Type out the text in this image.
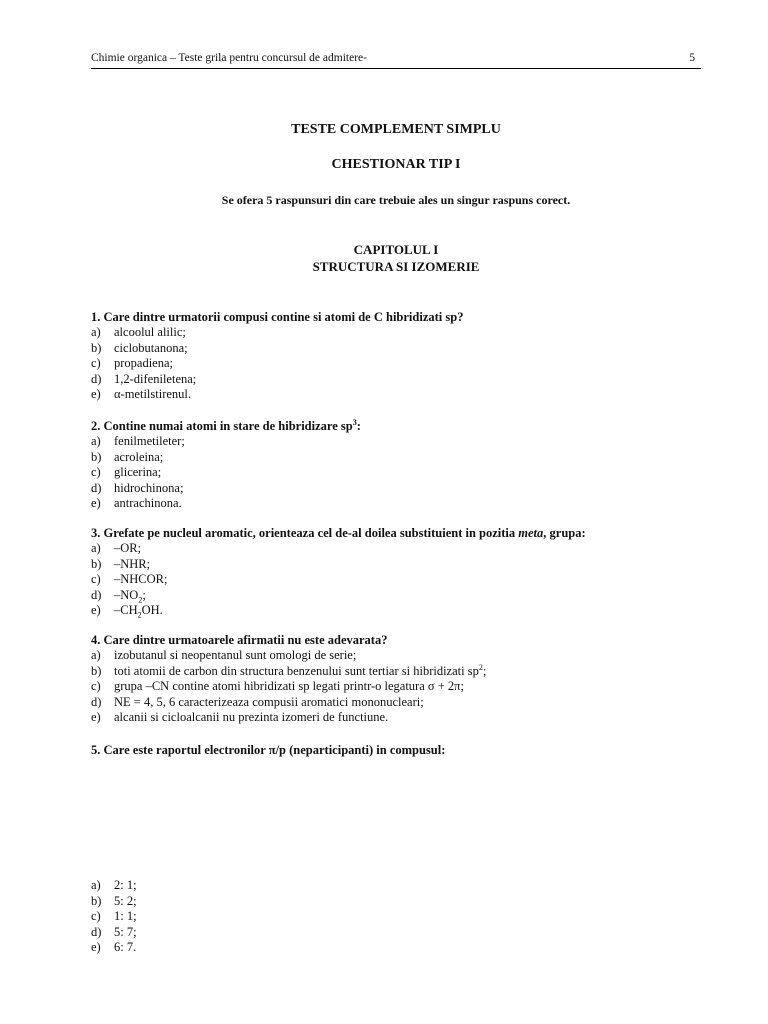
Chimie organica – Teste grila pentru concursul de admitere-	5
TESTE COMPLEMENT SIMPLU
CHESTIONAR TIP I
Se ofera 5 raspunsuri din care trebuie ales un singur raspuns corect.
CAPITOLUL I
STRUCTURA SI IZOMERIE
1. Care dintre urmatorii compusi contine si atomi de C hibridizati sp?
a) alcoolul alilic;
b) ciclobutanona;
c) propadiena;
d) 1,2-difeniletena;
e) α-metilstirenul.
2. Contine numai atomi in stare de hibridizare $sp^3$:
a) fenilmetileter;
b) acroleina;
c) glicerina;
d) hidrochinona;
e) antrachinona.
3. Grefate pe nucleul aromatic, orienteaza cel de-al doilea substituient in pozitia meta, grupa:
a) –OR;
b) –NHR;
c) –NHCOR;
d) $-NO_2$;
e) $-CH_2OH$.
4. Care dintre urmatoarele afirmatii nu este adevarata?
a) izobutanul si neopentanul sunt omologi de serie;
b) toti atomii de carbon din structura benzenului sunt tertiar si hibridizati $sp^2$;
c) grupa –CN contine atomi hibridizati sp legati printr-o legatura σ + 2π;
d) NE = 4, 5, 6 caracterizeaza compusii aromatici mononucleari;
e) alcanii si cicloalcanii nu prezinta izomeri de functiune.
5. Care este raportul electronilor π/p (neparticipanti) in compusul:
a) 2: 1;
b) 5: 2;
c) 1: 1;
d) 5: 7;
e) 6: 7.
